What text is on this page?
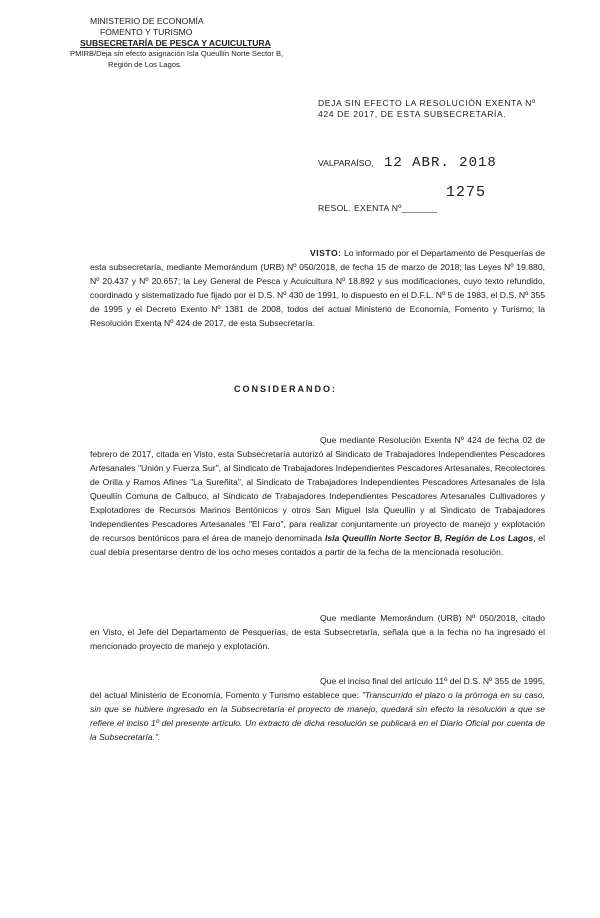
MINISTERIO DE ECONOMÍA
FOMENTO Y TURISMO
SUBSECRETARÍA DE PESCA Y ACUICULTURA
PMIRB/Deja sin efecto asignación Isla Queullín Norte Sector B,
Región de Los Lagos.
DEJA SIN EFECTO LA RESOLUCIÓN EXENTA Nº 424 DE 2017, DE ESTA SUBSECRETARÍA.
VALPARAÍSO, 12 ABR. 2018
1275
RESOL. EXENTA Nº_______
VISTO: Lo informado por el Departamento de Pesquerías de esta subsecretaría, mediante Memorándum (URB) Nº 050/2018, de fecha 15 de marzo de 2018; las Leyes Nº 19.880, Nº 20.437 y Nº 20.657; la Ley General de Pesca y Acuicultura Nº 18.892 y sus modificaciones, cuyo texto refundido, coordinado y sistematizado fue fijado por el D.S. Nº 430 de 1991, lo dispuesto en el D.F.L. Nº 5 de 1983, el D.S. Nº 355 de 1995 y el Decreto Exento Nº 1381 de 2008, todos del actual Ministerio de Economía, Fomento y Turismo; la Resolución Exenta Nº 424 de 2017, de esta Subsecretaría.
CONSIDERANDO:
Que mediante Resolución Exenta Nº 424 de fecha 02 de febrero de 2017, citada en Visto, esta Subsecretaría autorizó al Sindicato de Trabajadores Independientes Pescadores Artesanales "Unión y Fuerza Sur", al Sindicato de Trabajadores Independientes Pescadores Artesanales, Recolectores de Orilla y Ramos Afines "La Sureñita", al Sindicato de Trabajadores Independientes Pescadores Artesanales de Isla Queullín Comuna de Calbuco, al Sindicato de Trabajadores Independientes Pescadores Artesanales Cultivadores y Explotadores de Recursos Marinos Bentónicos y otros San Miguel Isla Queullín y al Sindicato de Trabajadores Independientes Pescadores Artesanales "El Faro", para realizar conjuntamente un proyecto de manejo y explotación de recursos bentónicos para el área de manejo denominada Isla Queullín Norte Sector B, Región de Los Lagos, el cual debía presentarse dentro de los ocho meses contados a partir de la fecha de la mencionada resolución.
Que mediante Memorándum (URB) Nº 050/2018, citado en Visto, el Jefe del Departamento de Pesquerías, de esta Subsecretaría, señala que a la fecha no ha ingresado el mencionado proyecto de manejo y explotación.
Que el inciso final del artículo 11º del D.S. Nº 355 de 1995, del actual Ministerio de Economía, Fomento y Turismo establece que: "Transcurrido el plazo o la prórroga en su caso, sin que se hubiere ingresado en la Subsecretaría el proyecto de manejo, quedará sin efecto la resolución a que se refiere el inciso 1º del presente artículo. Un extracto de dicha resolución se publicará en el Diario Oficial por cuenta de la Subsecretaría.".
